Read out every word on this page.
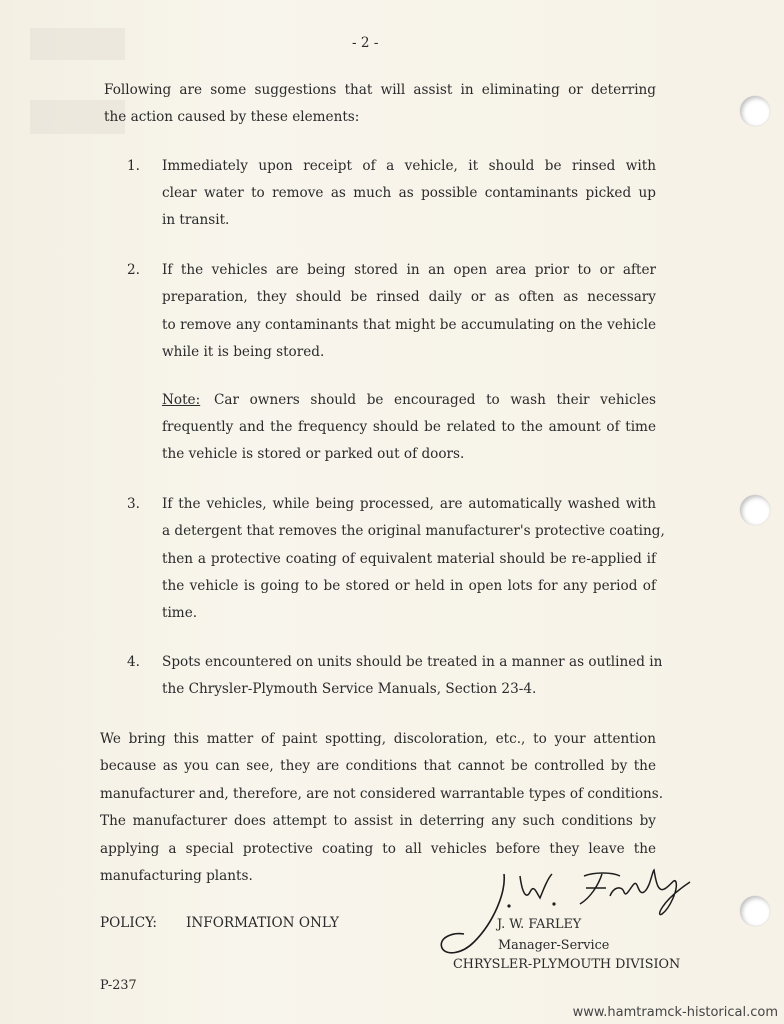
- 2 -
Following are some suggestions that will assist in eliminating or deterring
the action caused by these elements:
1. Immediately upon receipt of a vehicle, it should be rinsed with
clear water to remove as much as possible contaminants picked up
in transit.
2. If the vehicles are being stored in an open area prior to or after
preparation, they should be rinsed daily or as often as necessary
to remove any contaminants that might be accumulating on the vehicle
while it is being stored.
Note: Car owners should be encouraged to wash their vehicles
frequently and the frequency should be related to the amount of time
the vehicle is stored or parked out of doors.
3. If the vehicles, while being processed, are automatically washed with
a detergent that removes the original manufacturer's protective coating,
then a protective coating of equivalent material should be re-applied if
the vehicle is going to be stored or held in open lots for any period of
time.
4. Spots encountered on units should be treated in a manner as outlined in
the Chrysler-Plymouth Service Manuals, Section 23-4.
We bring this matter of paint spotting, discoloration, etc., to your attention
because as you can see, they are conditions that cannot be controlled by the
manufacturer and, therefore, are not considered warrantable types of conditions.
The manufacturer does attempt to assist in deterring any such conditions by
applying a special protective coating to all vehicles before they leave the
manufacturing plants.
POLICY: INFORMATION ONLY
J. W. Farley
J. W. FARLEY
Manager-Service
CHRYSLER-PLYMOUTH DIVISION
P-237
www.hamtramck-historical.com
